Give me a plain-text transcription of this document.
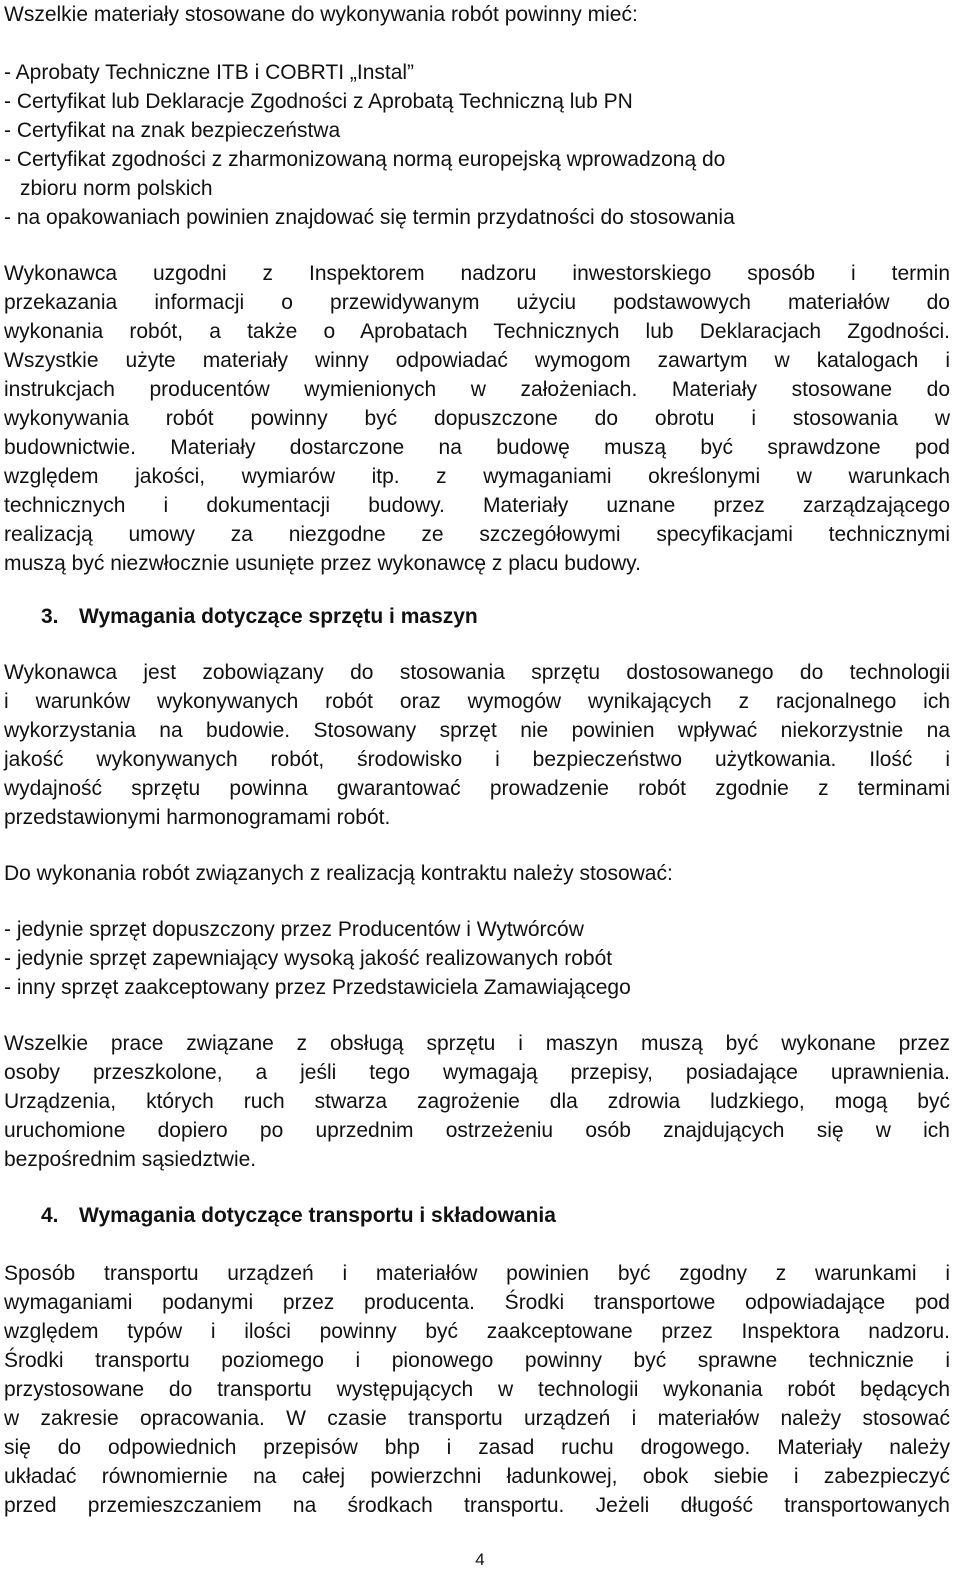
Wszelkie materiały stosowane do wykonywania robót powinny mieć:
- Aprobaty Techniczne ITB i COBRTI „Instal”
- Certyfikat lub Deklaracje Zgodności z Aprobatą Techniczną lub PN
- Certyfikat na znak bezpieczeństwa
- Certyfikat zgodności z zharmonizowaną normą europejską wprowadzoną do
zbioru norm polskich
- na opakowaniach powinien znajdować się termin przydatności do stosowania
Wykonawca uzgodni z Inspektorem nadzoru inwestorskiego sposób i termin
przekazania informacji o przewidywanym użyciu podstawowych materiałów do
wykonania robót, a także o Aprobatach Technicznych lub Deklaracjach Zgodności.
Wszystkie użyte materiały winny odpowiadać wymogom zawartym w katalogach i
instrukcjach producentów wymienionych w założeniach. Materiały stosowane do
wykonywania robót powinny być dopuszczone do obrotu i stosowania w
budownictwie. Materiały dostarczone na budowę muszą być sprawdzone pod
względem jakości, wymiarów itp. z wymaganiami określonymi w warunkach
technicznych i dokumentacji budowy. Materiały uznane przez zarządzającego
realizacją umowy za niezgodne ze szczegółowymi specyfikacjami technicznymi
muszą być niezwłocznie usunięte przez wykonawcę z placu budowy.
3. Wymagania dotyczące sprzętu i maszyn
Wykonawca jest zobowiązany do stosowania sprzętu dostosowanego do technologii
i warunków wykonywanych robót oraz wymogów wynikających z racjonalnego ich
wykorzystania na budowie. Stosowany sprzęt nie powinien wpływać niekorzystnie na
jakość wykonywanych robót, środowisko i bezpieczeństwo użytkowania. Ilość i
wydajność sprzętu powinna gwarantować prowadzenie robót zgodnie z terminami
przedstawionymi harmonogramami robót.
Do wykonania robót związanych z realizacją kontraktu należy stosować:
- jedynie sprzęt dopuszczony przez Producentów i Wytwórców
- jedynie sprzęt zapewniający wysoką jakość realizowanych robót
- inny sprzęt zaakceptowany przez Przedstawiciela Zamawiającego
Wszelkie prace związane z obsługą sprzętu i maszyn muszą być wykonane przez
osoby przeszkolone, a jeśli tego wymagają przepisy, posiadające uprawnienia.
Urządzenia, których ruch stwarza zagrożenie dla zdrowia ludzkiego, mogą być
uruchomione dopiero po uprzednim ostrzeżeniu osób znajdujących się w ich
bezpośrednim sąsiedztwie.
4. Wymagania dotyczące transportu i składowania
Sposób transportu urządzeń i materiałów powinien być zgodny z warunkami i
wymaganiami podanymi przez producenta. Środki transportowe odpowiadające pod
względem typów i ilości powinny być zaakceptowane przez Inspektora nadzoru.
Środki transportu poziomego i pionowego powinny być sprawne technicznie i
przystosowane do transportu występujących w technologii wykonania robót będących
w zakresie opracowania. W czasie transportu urządzeń i materiałów należy stosować
się do odpowiednich przepisów bhp i zasad ruchu drogowego. Materiały należy
układać równomiernie na całej powierzchni ładunkowej, obok siebie i zabezpieczyć
przed przemieszczaniem na środkach transportu. Jeżeli długość transportowanych
4
